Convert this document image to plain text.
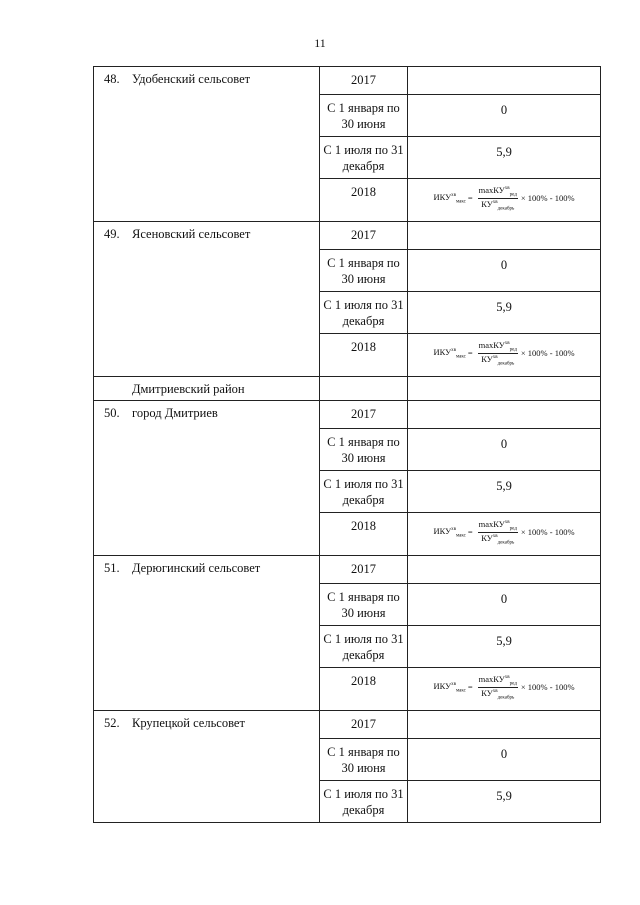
11
48. Удобенский сельсовет	2017	

	С 1 января по 30 июня	0

	С 1 июля по 31 декабря	5,9

	2018	$ИКУ^{хв}_{макс} = \frac{\max КУ^{хв}_{ред}}{КУ^{хв}_{декабрь}} \times 100\% - 100\%$

49. Ясеновский сельсовет	2017	

	С 1 января по 30 июня	0

	С 1 июля по 31 декабря	5,9

	2018	$ИКУ^{хв}_{макс} = \frac{\max КУ^{хв}_{ред}}{КУ^{хв}_{декабрь}} \times 100\% - 100\%$

Дмитриевский район		

50. город Дмитриев	2017	

	С 1 января по 30 июня	0

	С 1 июля по 31 декабря	5,9

	2018	$ИКУ^{хв}_{макс} = \frac{\max КУ^{хв}_{ред}}{КУ^{хв}_{декабрь}} \times 100\% - 100\%$

51. Дерюгинский сельсовет	2017	

	С 1 января по 30 июня	0

	С 1 июля по 31 декабря	5,9

	2018	$ИКУ^{хв}_{макс} = \frac{\max КУ^{хв}_{ред}}{КУ^{хв}_{декабрь}} \times 100\% - 100\%$

52. Крупецкой сельсовет	2017	

	С 1 января по 30 июня	0

	С 1 июля по 31 декабря	5,9
